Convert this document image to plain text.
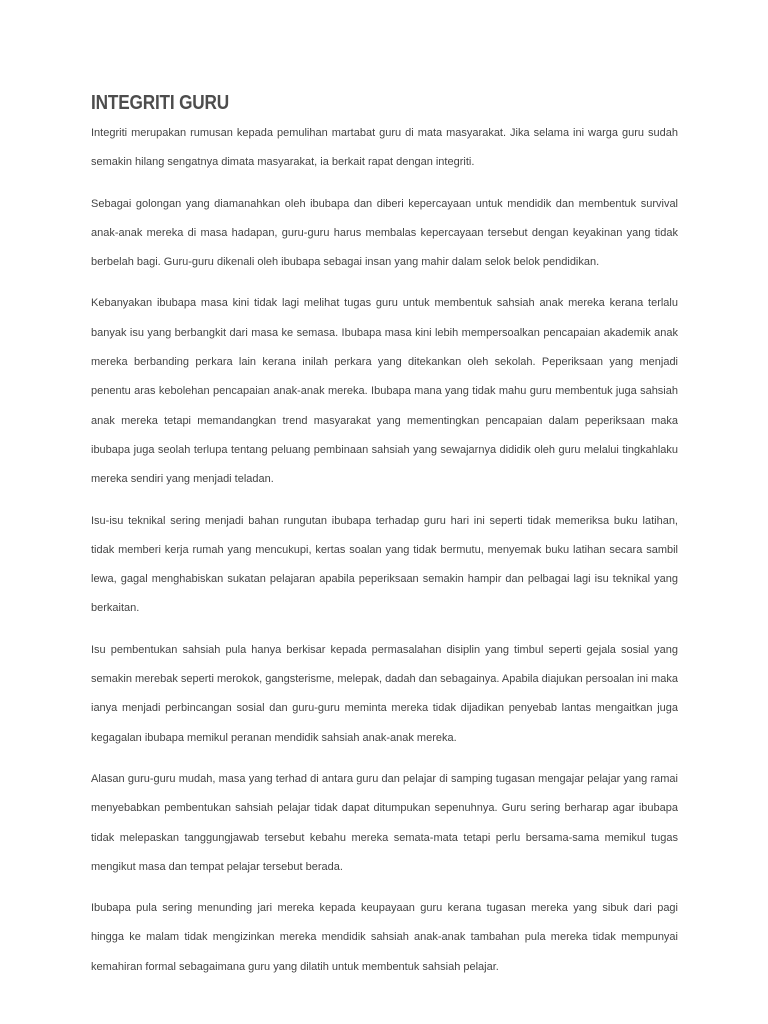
INTEGRITI GURU

Integriti merupakan rumusan kepada pemulihan martabat guru di mata masyarakat. Jika selama ini warga guru sudah semakin hilang sengatnya dimata masyarakat, ia berkait rapat dengan integriti.

Sebagai golongan yang diamanahkan oleh ibubapa dan diberi kepercayaan untuk mendidik dan membentuk survival anak-anak mereka di masa hadapan, guru-guru harus membalas kepercayaan tersebut dengan keyakinan yang tidak berbelah bagi. Guru-guru dikenali oleh ibubapa sebagai insan yang mahir dalam selok belok pendidikan.

Kebanyakan ibubapa masa kini tidak lagi melihat tugas guru untuk membentuk sahsiah anak mereka kerana terlalu banyak isu yang berbangkit dari masa ke semasa. Ibubapa masa kini lebih mempersoalkan pencapaian akademik anak mereka berbanding perkara lain kerana inilah perkara yang ditekankan oleh sekolah. Peperiksaan yang menjadi penentu aras kebolehan pencapaian anak-anak mereka. Ibubapa mana yang tidak mahu guru membentuk juga sahsiah anak mereka tetapi memandangkan trend masyarakat yang mementingkan pencapaian dalam peperiksaan maka ibubapa juga seolah terlupa tentang peluang pembinaan sahsiah yang sewajarnya dididik oleh guru melalui tingkahlaku mereka sendiri yang menjadi teladan.

Isu-isu teknikal sering menjadi bahan rungutan ibubapa terhadap guru hari ini seperti tidak memeriksa buku latihan, tidak memberi kerja rumah yang mencukupi, kertas soalan yang tidak bermutu, menyemak buku latihan secara sambil lewa, gagal menghabiskan sukatan pelajaran apabila peperiksaan semakin hampir dan pelbagai lagi isu teknikal yang berkaitan.

Isu pembentukan sahsiah pula hanya berkisar kepada permasalahan disiplin yang timbul seperti gejala sosial yang semakin merebak seperti merokok, gangsterisme, melepak, dadah dan sebagainya. Apabila diajukan persoalan ini maka ianya menjadi perbincangan sosial dan guru-guru meminta mereka tidak dijadikan penyebab lantas mengaitkan juga kegagalan ibubapa memikul peranan mendidik sahsiah anak-anak mereka.

Alasan guru-guru mudah, masa yang terhad di antara guru dan pelajar di samping tugasan mengajar pelajar yang ramai menyebabkan pembentukan sahsiah pelajar tidak dapat ditumpukan sepenuhnya. Guru sering berharap agar ibubapa tidak melepaskan tanggungjawab tersebut kebahu mereka semata-mata tetapi perlu bersama-sama memikul tugas mengikut masa dan tempat pelajar tersebut berada.

Ibubapa pula sering menunding jari mereka kepada keupayaan guru kerana tugasan mereka yang sibuk dari pagi hingga ke malam tidak mengizinkan mereka mendidik sahsiah anak-anak tambahan pula mereka tidak mempunyai kemahiran formal sebagaimana guru yang dilatih untuk membentuk sahsiah pelajar.
